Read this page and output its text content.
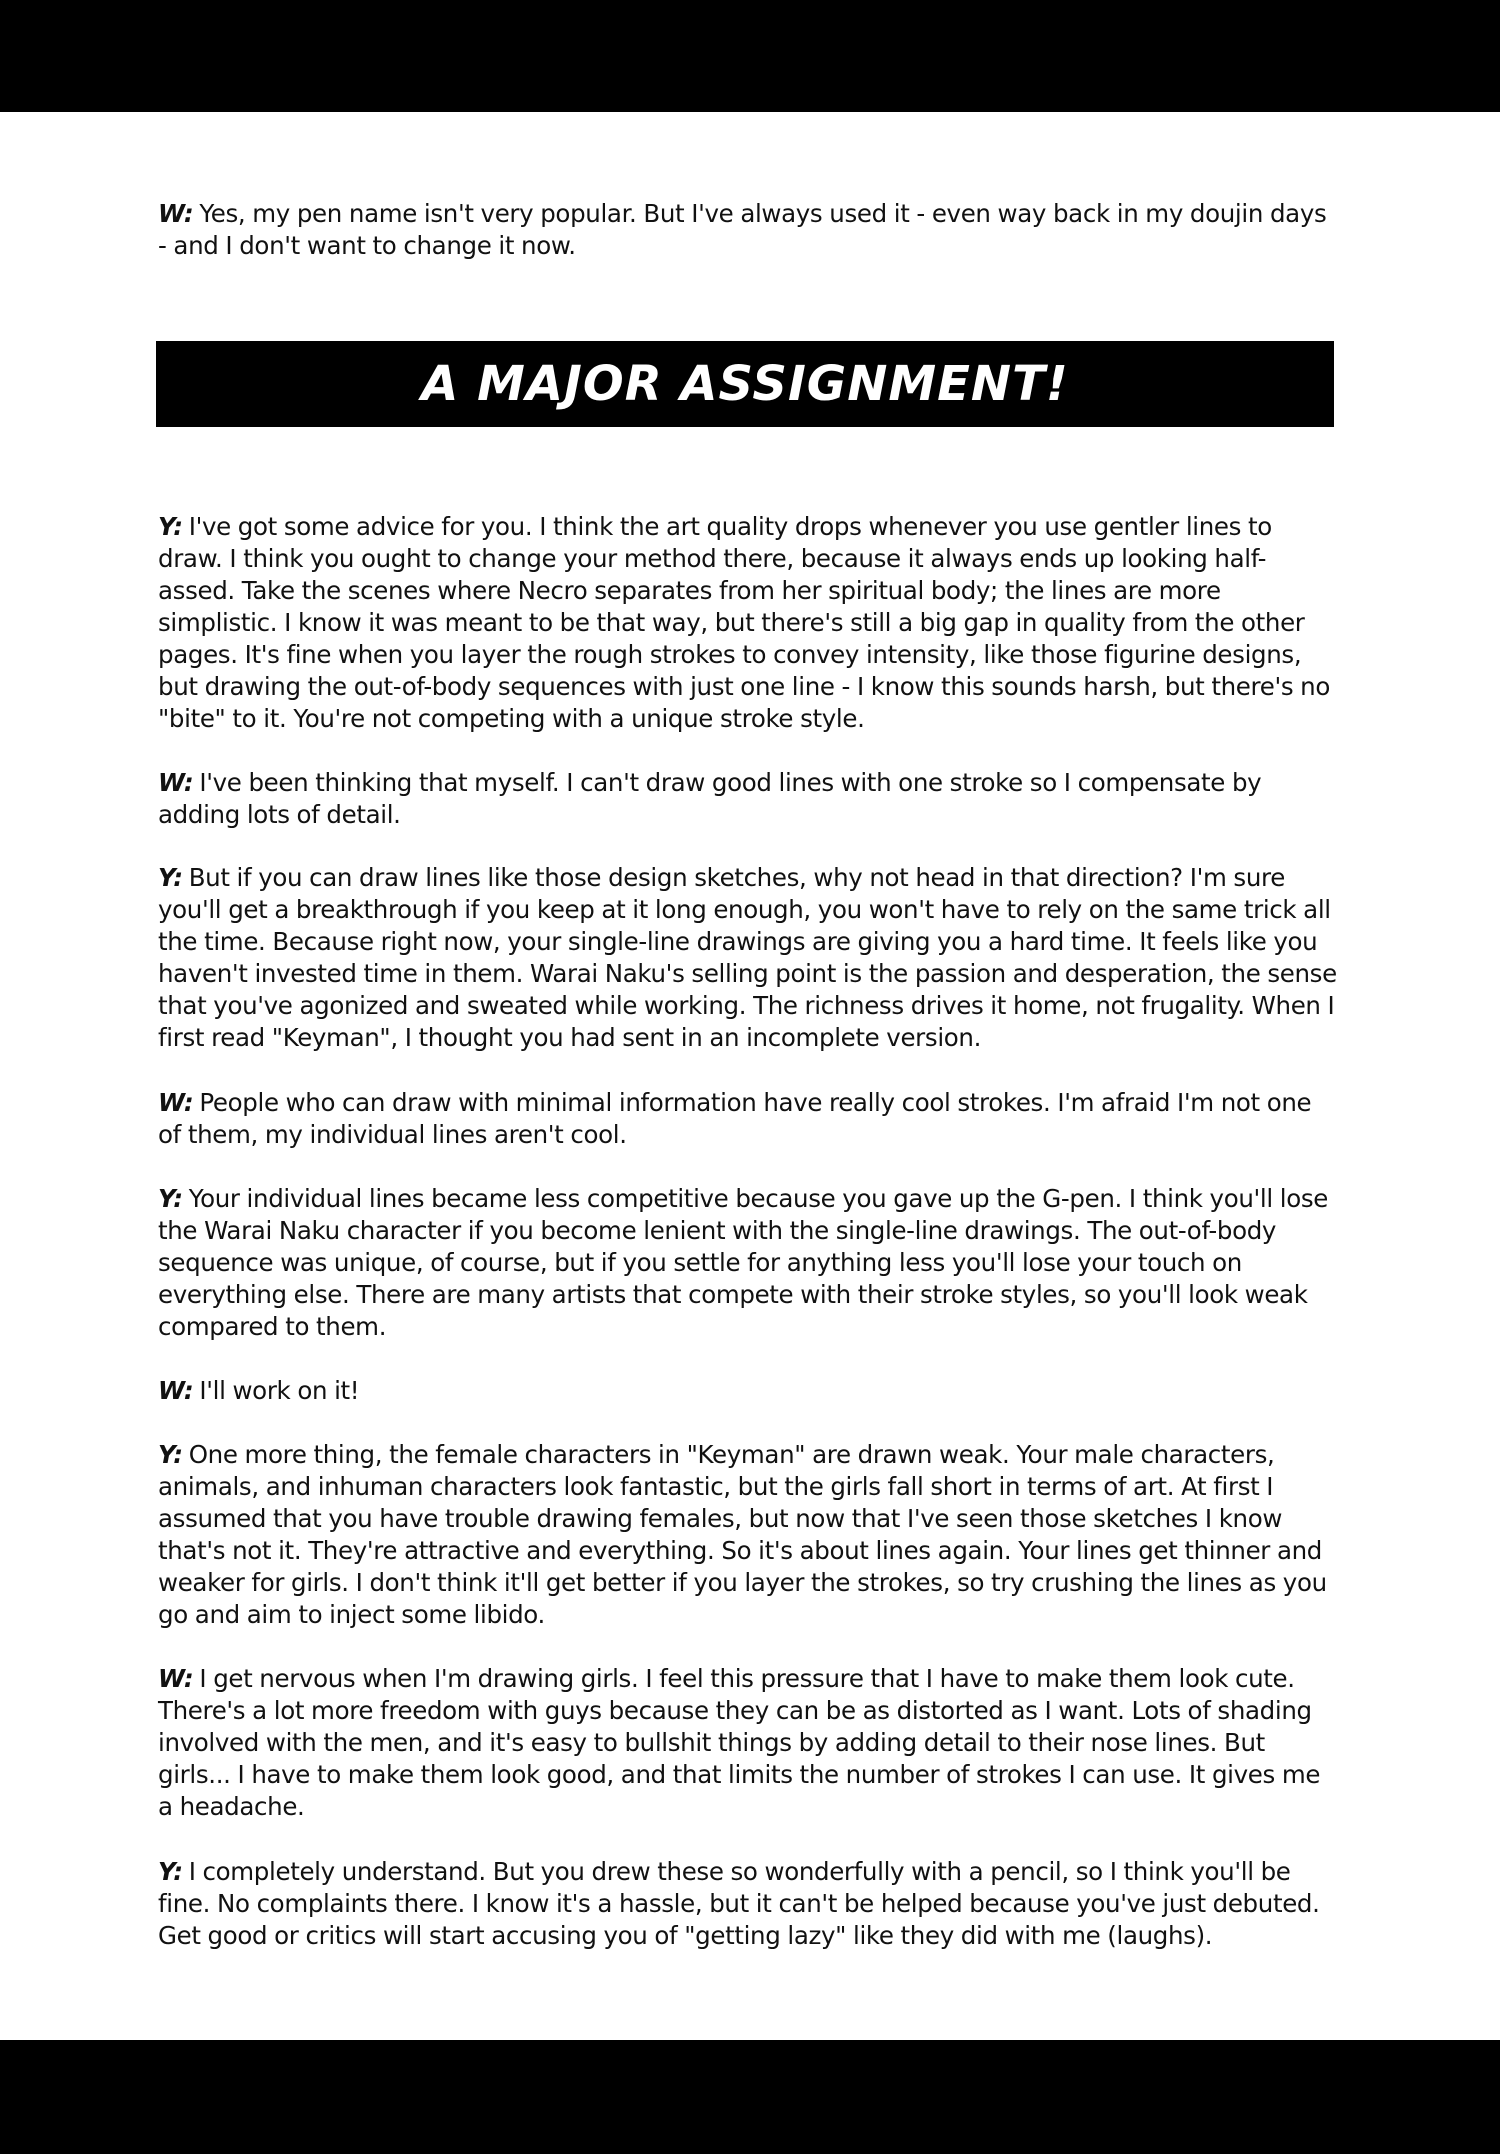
W: Yes, my pen name isn't very popular. But I've always used it - even way back in my doujin days - and I don't want to change it now.

A MAJOR ASSIGNMENT!

Y: I've got some advice for you. I think the art quality drops whenever you use gentler lines to draw. I think you ought to change your method there, because it always ends up looking half-assed. Take the scenes where Necro separates from her spiritual body; the lines are more simplistic. I know it was meant to be that way, but there's still a big gap in quality from the other pages. It's fine when you layer the rough strokes to convey intensity, like those figurine designs, but drawing the out-of-body sequences with just one line - I know this sounds harsh, but there's no "bite" to it. You're not competing with a unique stroke style.

W: I've been thinking that myself. I can't draw good lines with one stroke so I compensate by adding lots of detail.

Y: But if you can draw lines like those design sketches, why not head in that direction? I'm sure you'll get a breakthrough if you keep at it long enough, you won't have to rely on the same trick all the time. Because right now, your single-line drawings are giving you a hard time. It feels like you haven't invested time in them. Warai Naku's selling point is the passion and desperation, the sense that you've agonized and sweated while working. The richness drives it home, not frugality. When I first read "Keyman", I thought you had sent in an incomplete version.

W: People who can draw with minimal information have really cool strokes. I'm afraid I'm not one of them, my individual lines aren't cool.

Y: Your individual lines became less competitive because you gave up the G-pen. I think you'll lose the Warai Naku character if you become lenient with the single-line drawings. The out-of-body sequence was unique, of course, but if you settle for anything less you'll lose your touch on everything else. There are many artists that compete with their stroke styles, so you'll look weak compared to them.

W: I'll work on it!

Y: One more thing, the female characters in "Keyman" are drawn weak. Your male characters, animals, and inhuman characters look fantastic, but the girls fall short in terms of art. At first I assumed that you have trouble drawing females, but now that I've seen those sketches I know that's not it. They're attractive and everything. So it's about lines again. Your lines get thinner and weaker for girls. I don't think it'll get better if you layer the strokes, so try crushing the lines as you go and aim to inject some libido.

W: I get nervous when I'm drawing girls. I feel this pressure that I have to make them look cute. There's a lot more freedom with guys because they can be as distorted as I want. Lots of shading involved with the men, and it's easy to bullshit things by adding detail to their nose lines. But girls... I have to make them look good, and that limits the number of strokes I can use. It gives me a headache.

Y: I completely understand. But you drew these so wonderfully with a pencil, so I think you'll be fine. No complaints there. I know it's a hassle, but it can't be helped because you've just debuted. Get good or critics will start accusing you of "getting lazy" like they did with me (laughs).
